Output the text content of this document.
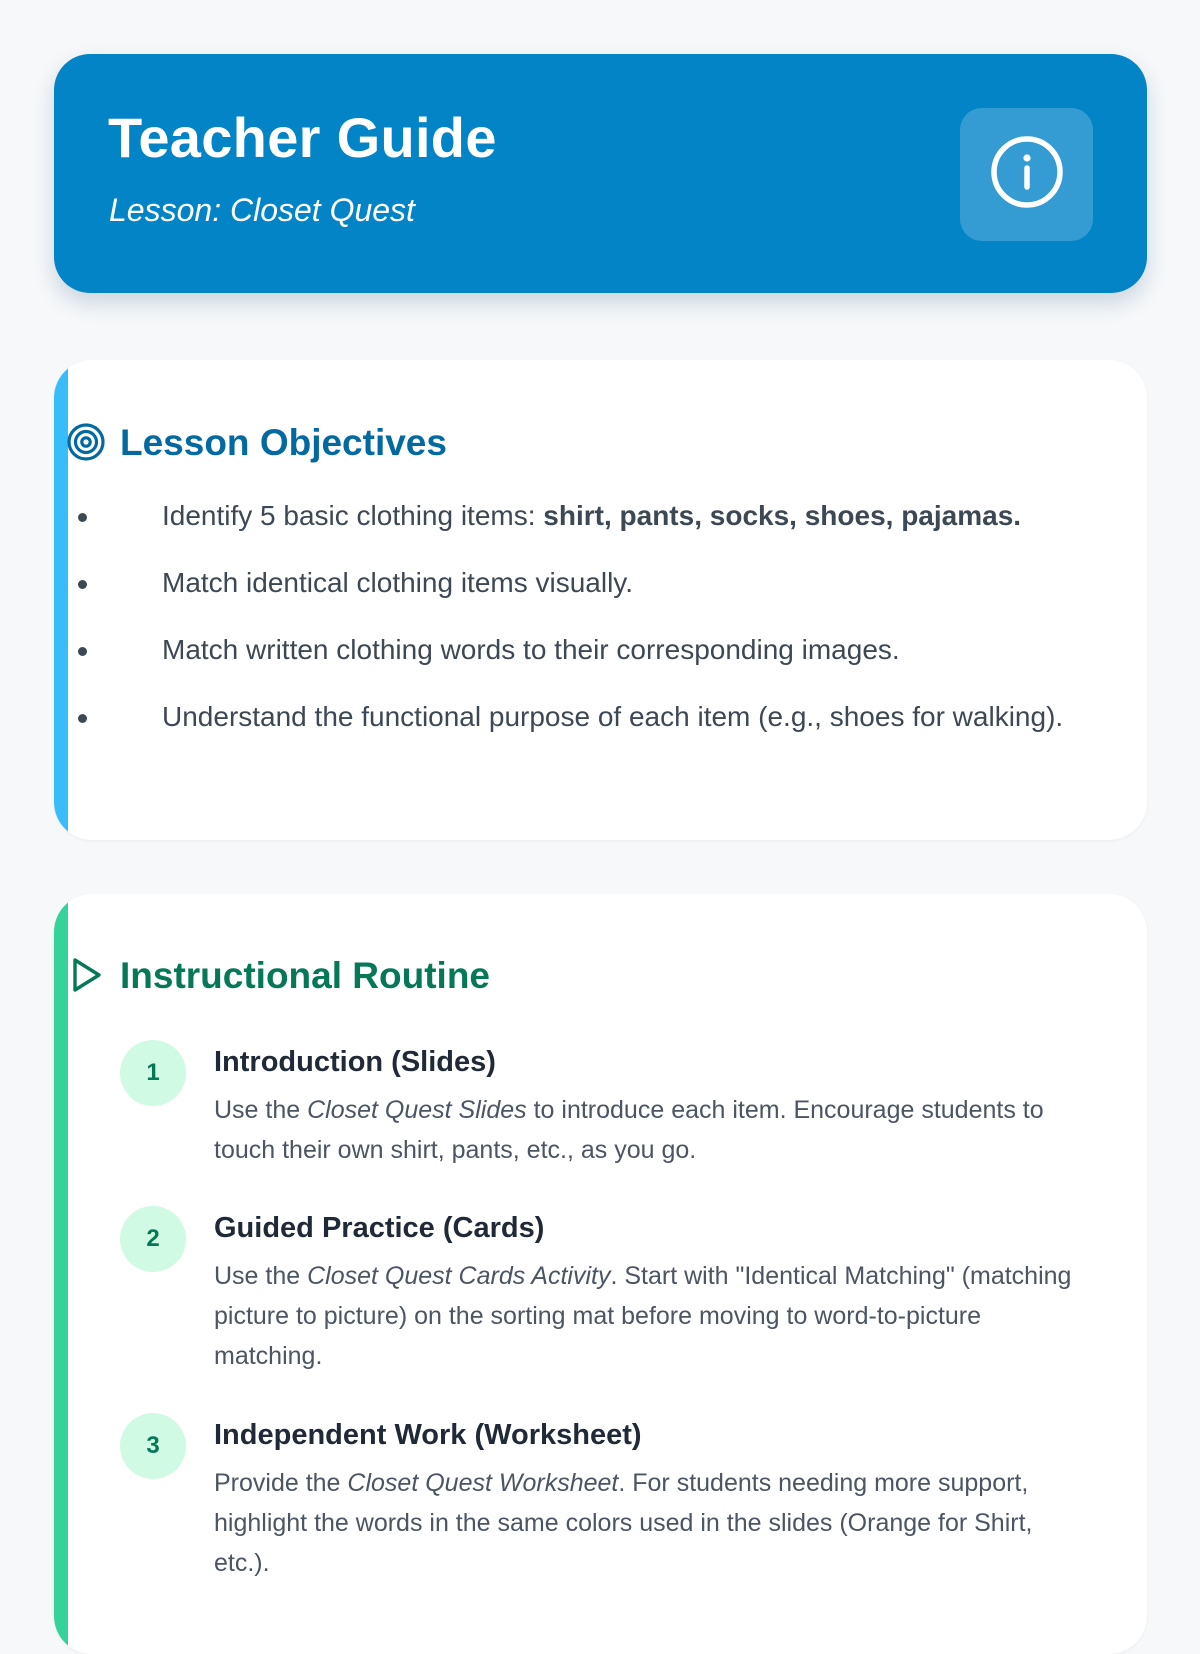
Teacher Guide

Lesson: Closet Quest

Lesson Objectives
Identify 5 basic clothing items: shirt, pants, socks, shoes, pajamas.
Match identical clothing items visually.
Match written clothing words to their corresponding images.
Understand the functional purpose of each item (e.g., shoes for walking).
Instructional Routine
1	Introduction (Slides)

Use the Closet Quest Slides to introduce each item. Encourage students to touch their own shirt, pants, etc., as you go.

2	Guided Practice (Cards)

Use the Closet Quest Cards Activity. Start with "Identical Matching" (matching picture to picture) on the sorting mat before moving to word-to-picture matching.

3	Independent Work (Worksheet)

Provide the Closet Quest Worksheet. For students needing more support, highlight the words in the same colors used in the slides (Orange for Shirt, etc.).
